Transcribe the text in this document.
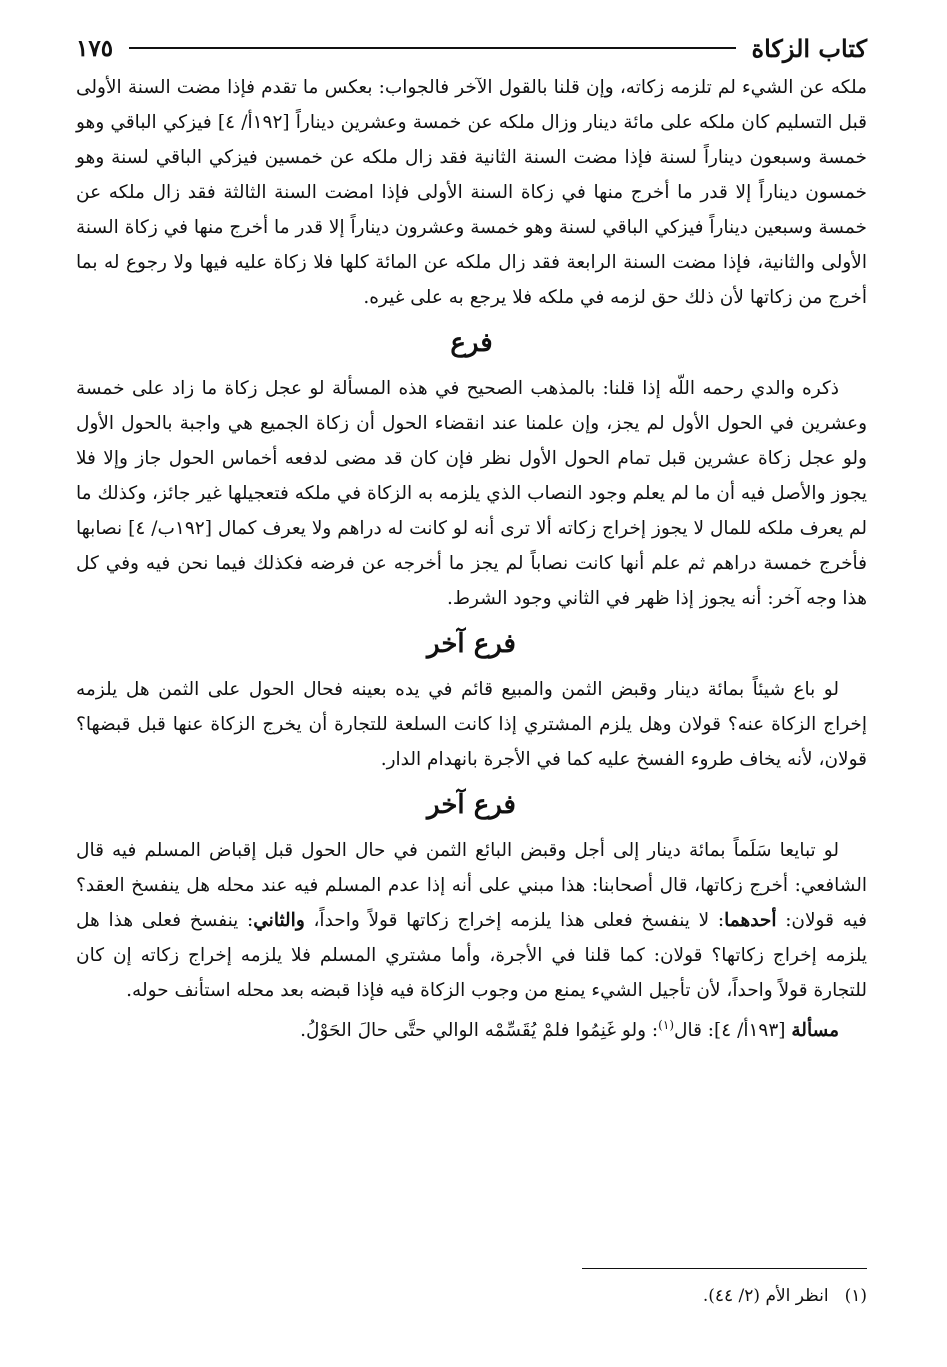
كتاب الزكاة
١٧٥

ملكه عن الشيء لم تلزمه زكاته، وإن قلنا بالقول الآخر فالجواب: بعكس ما تقدم فإذا مضت السنة الأولى قبل التسليم كان ملكه على مائة دينار وزال ملكه عن خمسة وعشرين ديناراً [١٩٢أ/ ٤] فيزكي الباقي وهو خمسة وسبعون ديناراً لسنة فإذا مضت السنة الثانية فقد زال ملكه عن خمسين فيزكي الباقي لسنة وهو خمسون ديناراً إلا قدر ما أخرج منها في زكاة السنة الأولى فإذا امضت السنة الثالثة فقد زال ملكه عن خمسة وسبعين ديناراً فيزكي الباقي لسنة وهو خمسة وعشرون ديناراً إلا قدر ما أخرج منها في زكاة السنة الأولى والثانية، فإذا مضت السنة الرابعة فقد زال ملكه عن المائة كلها فلا زكاة عليه فيها ولا رجوع له بما أخرج من زكاتها لأن ذلك حق لزمه في ملكه فلا يرجع به على غيره.

فرع

ذكره والدي رحمه اللّه إذا قلنا: بالمذهب الصحيح في هذه المسألة لو عجل زكاة ما زاد على خمسة وعشرين في الحول الأول لم يجز، وإن علمنا عند انقضاء الحول أن زكاة الجميع هي واجبة بالحول الأول ولو عجل زكاة عشرين قبل تمام الحول الأول نظر فإن كان قد مضى لدفعه أخماس الحول جاز وإلا فلا يجوز والأصل فيه أن ما لم يعلم وجود النصاب الذي يلزمه به الزكاة في ملكه فتعجيلها غير جائز، وكذلك ما لم يعرف ملكه للمال لا يجوز إخراج زكاته ألا ترى أنه لو كانت له دراهم ولا يعرف كمال [١٩٢ب/ ٤] نصابها فأخرج خمسة دراهم ثم علم أنها كانت نصاباً لم يجز ما أخرجه عن فرضه فكذلك فيما نحن فيه وفي كل هذا وجه آخر: أنه يجوز إذا ظهر في الثاني وجود الشرط.

فرع آخر

لو باع شيئاً بمائة دينار وقبض الثمن والمبيع قائم في يده بعينه فحال الحول على الثمن هل يلزمه إخراج الزكاة عنه؟ قولان وهل يلزم المشتري إذا كانت السلعة للتجارة أن يخرج الزكاة عنها قبل قبضها؟ قولان، لأنه يخاف طروء الفسخ عليه كما في الأجرة بانهدام الدار.

فرع آخر

لو تبايعا سَلَماً بمائة دينار إلى أجل وقبض البائع الثمن في حال الحول قبل إقباض المسلم فيه قال الشافعي: أخرج زكاتها، قال أصحابنا: هذا مبني على أنه إذا عدم المسلم فيه عند محله هل ينفسخ العقد؟ فيه قولان: أحدهما: لا ينفسخ فعلى هذا يلزمه إخراج زكاتها قولاً واحداً، والثاني: ينفسخ فعلى هذا هل يلزمه إخراج زكاتها؟ قولان: كما قلنا في الأجرة، وأما مشتري المسلم فلا يلزمه إخراج زكاته إن كان للتجارة قولاً واحداً، لأن تأجيل الشيء يمنع من وجوب الزكاة فيه فإذا قبضه بعد محله استأنف حوله.

مسألة [١٩٣أ/ ٤]: قال$^{(١)}$: ولو غَنِمُوا فلمْ يُقَسِّمْه الوالي حتَّى حالَ الحَوْلُ.

(١)انظر الأم (٢/ ٤٤).
